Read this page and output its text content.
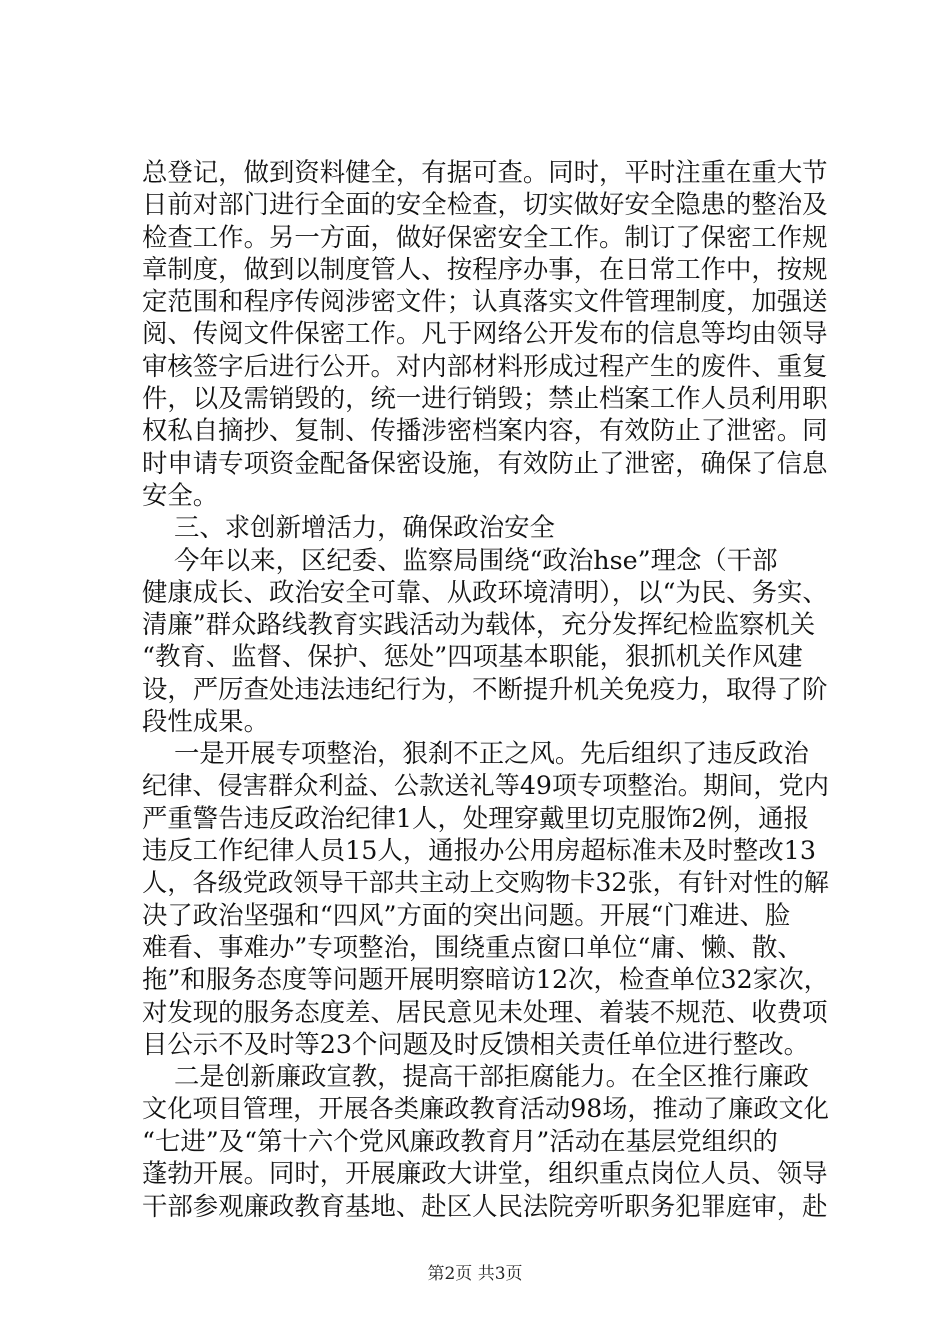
总登记，做到资料健全，有据可查。同时，平时注重在重大节
日前对部门进行全面的安全检查，切实做好安全隐患的整治及
检查工作。另一方面，做好保密安全工作。制订了保密工作规
章制度，做到以制度管人、按程序办事，在日常工作中，按规
定范围和程序传阅涉密文件；认真落实文件管理制度，加强送
阅、传阅文件保密工作。凡于网络公开发布的信息等均由领导
审核签字后进行公开。对内部材料形成过程产生的废件、重复
件，以及需销毁的，统一进行销毁；禁止档案工作人员利用职
权私自摘抄、复制、传播涉密档案内容，有效防止了泄密。同
时申请专项资金配备保密设施，有效防止了泄密，确保了信息
安全。
三、求创新增活力，确保政治安全
今年以来，区纪委、监察局围绕“政治hse”理念（干部
健康成长、政治安全可靠、从政环境清明），以“为民、务实、
清廉”群众路线教育实践活动为载体，充分发挥纪检监察机关
“教育、监督、保护、惩处”四项基本职能，狠抓机关作风建
设，严厉查处违法违纪行为，不断提升机关免疫力，取得了阶
段性成果。
一是开展专项整治，狠刹不正之风。先后组织了违反政治
纪律、侵害群众利益、公款送礼等49项专项整治。期间，党内
严重警告违反政治纪律1人，处理穿戴里切克服饰2例，通报
违反工作纪律人员15人，通报办公用房超标准未及时整改13
人，各级党政领导干部共主动上交购物卡32张，有针对性的解
决了政治坚强和“四风”方面的突出问题。开展“门难进、脸
难看、事难办”专项整治，围绕重点窗口单位“庸、懒、散、
拖”和服务态度等问题开展明察暗访12次，检查单位32家次，
对发现的服务态度差、居民意见未处理、着装不规范、收费项
目公示不及时等23个问题及时反馈相关责任单位进行整改。
二是创新廉政宣教，提高干部拒腐能力。在全区推行廉政
文化项目管理，开展各类廉政教育活动98场，推动了廉政文化
“七进”及“第十六个党风廉政教育月”活动在基层党组织的
蓬勃开展。同时，开展廉政大讲堂，组织重点岗位人员、领导
干部参观廉政教育基地、赴区人民法院旁听职务犯罪庭审，赴
第2页 共3页
